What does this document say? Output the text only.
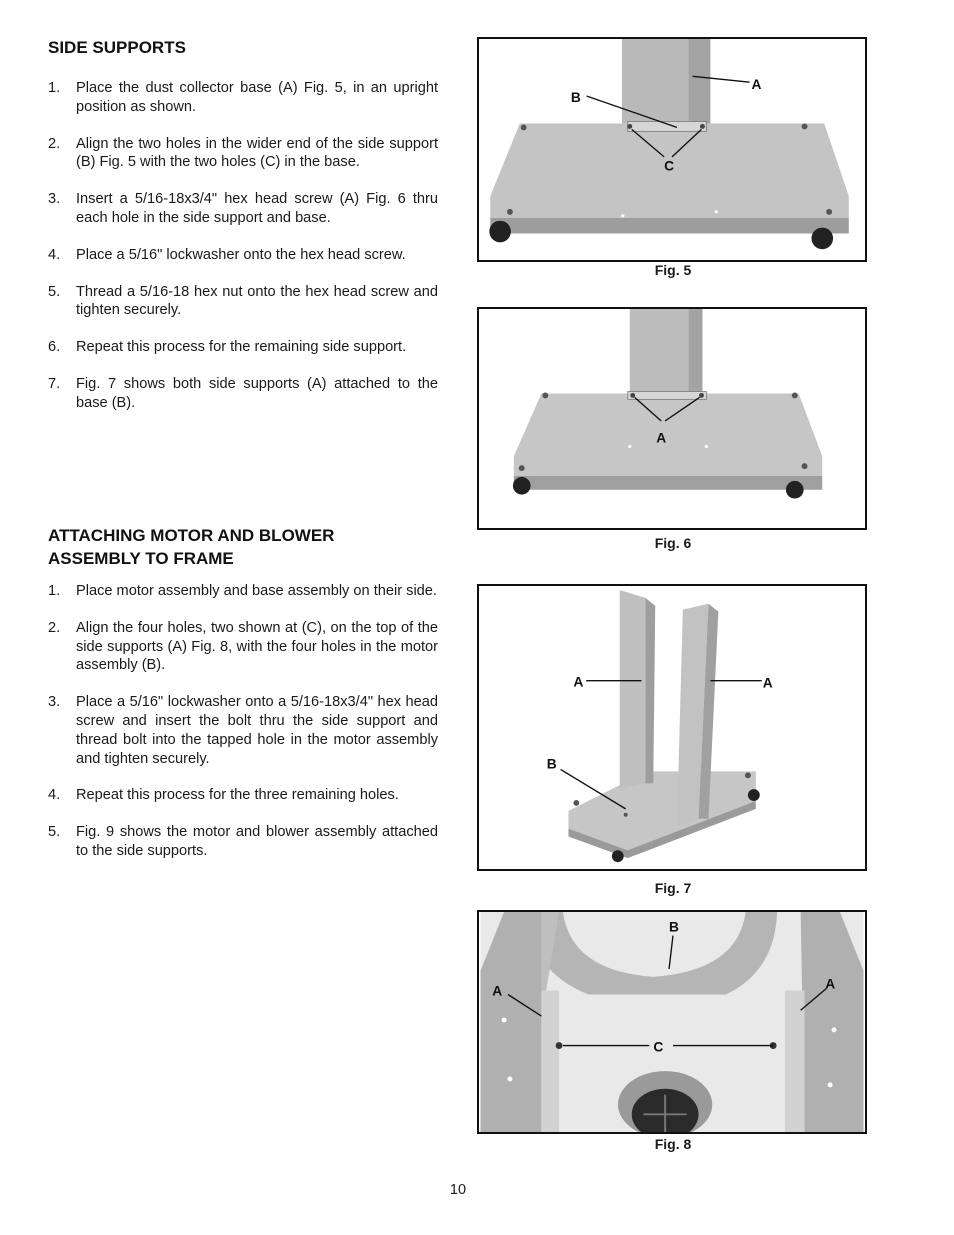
SIDE SUPPORTS
1. Place the dust collector base (A) Fig. 5, in an upright position as shown.
2. Align the two holes in the wider end of the side support (B) Fig. 5 with the two holes (C) in the base.
3. Insert a 5/16-18x3/4" hex head screw (A) Fig. 6 thru each hole in the side support and base.
4. Place a 5/16" lockwasher onto the hex head screw.
5. Thread a 5/16-18 hex nut onto the hex head screw and tighten securely.
6. Repeat this process for the remaining side support.
7. Fig. 7 shows both side supports (A) attached to the base (B).
ATTACHING MOTOR AND BLOWER
ASSEMBLY TO FRAME
1. Place motor assembly and base assembly on their side.
2. Align the four holes, two shown at (C), on the top of the side supports (A) Fig. 8, with the four holes in the motor assembly (B).
3. Place a 5/16" lockwasher onto a 5/16-18x3/4" hex head screw and insert the bolt thru the side support and thread bolt into the tapped hole in the motor assembly and tighten securely.
4. Repeat this process for the three remaining holes.
5. Fig. 9 shows the motor and blower assembly attached to the side supports.
A
B
C
Fig. 5
A
Fig. 6
A	A
B
Fig. 7
A	A
B
C
Fig. 8
10
